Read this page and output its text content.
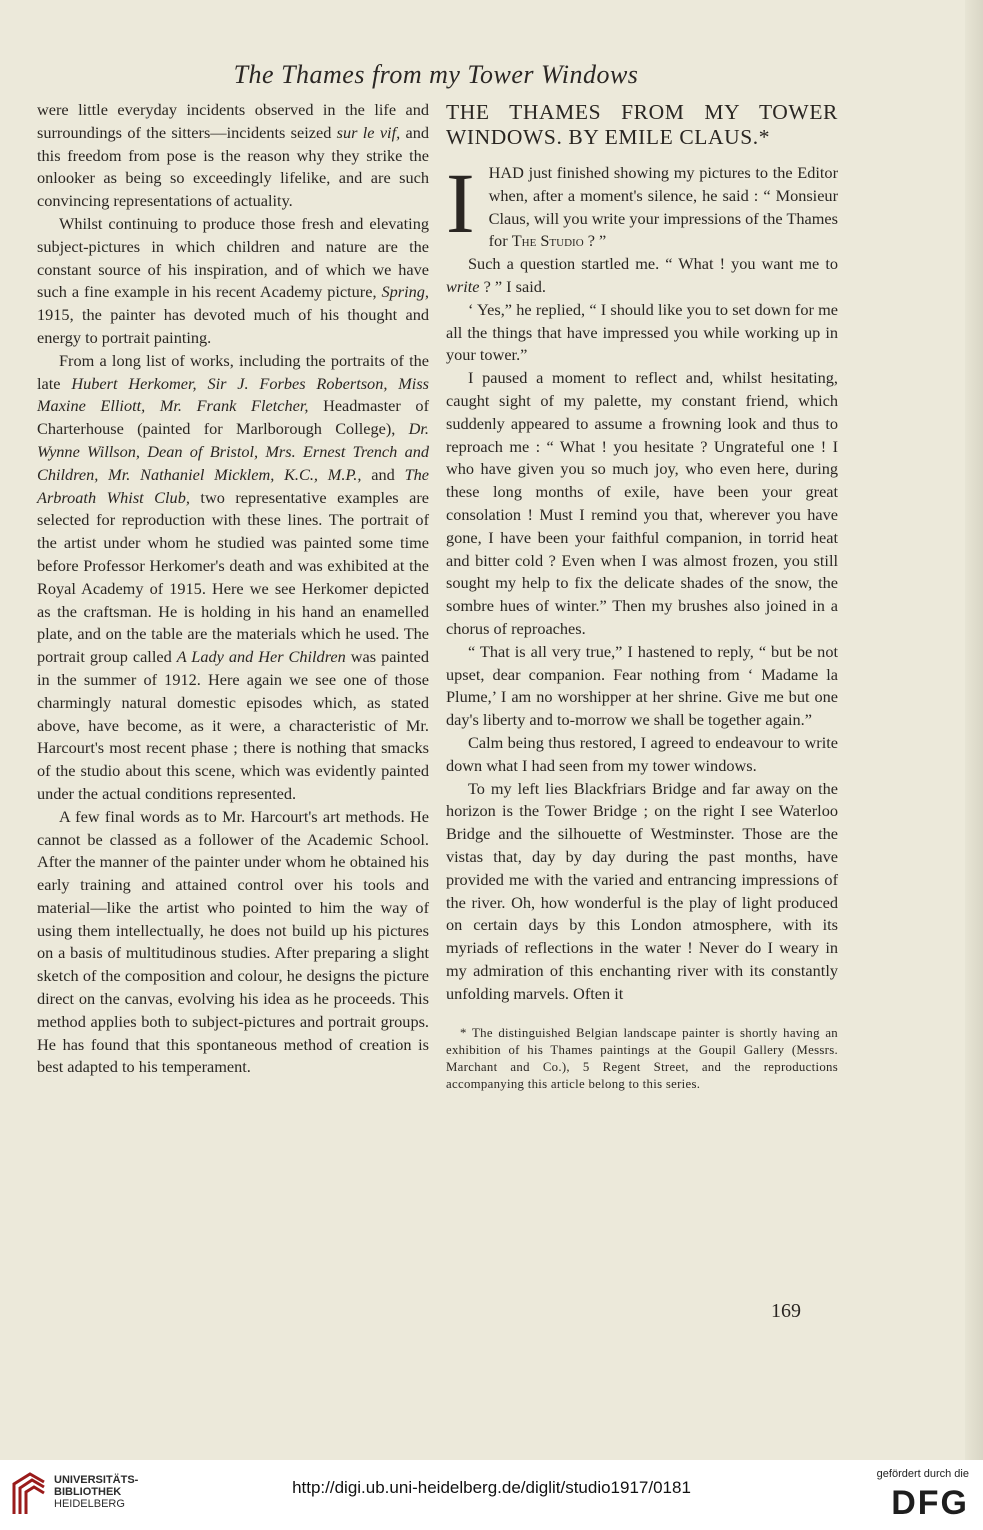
The Thames from my Tower Windows

were little everyday incidents observed in the life and surroundings of the sitters—incidents seized sur le vif, and this freedom from pose is the reason why they strike the onlooker as being so exceedingly lifelike, and are such convincing representations of actuality.

Whilst continuing to produce those fresh and elevating subject-pictures in which children and nature are the constant source of his inspiration, and of which we have such a fine example in his recent Academy picture, Spring, 1915, the painter has devoted much of his thought and energy to portrait painting.

From a long list of works, including the portraits of the late Hubert Herkomer, Sir J. Forbes Robertson, Miss Maxine Elliott, Mr. Frank Fletcher, Headmaster of Charterhouse (painted for Marlborough College), Dr. Wynne Willson, Dean of Bristol, Mrs. Ernest Trench and Children, Mr. Nathaniel Micklem, K.C., M.P., and The Arbroath Whist Club, two representative examples are selected for reproduction with these lines. The portrait of the artist under whom he studied was painted some time before Professor Herkomer's death and was exhibited at the Royal Academy of 1915. Here we see Herkomer depicted as the craftsman. He is holding in his hand an enamelled plate, and on the table are the materials which he used. The portrait group called A Lady and Her Children was painted in the summer of 1912. Here again we see one of those charmingly natural domestic episodes which, as stated above, have become, as it were, a characteristic of Mr. Harcourt's most recent phase ; there is nothing that smacks of the studio about this scene, which was evidently painted under the actual conditions represented.

A few final words as to Mr. Harcourt's art methods. He cannot be classed as a follower of the Academic School. After the manner of the painter under whom he obtained his early training and attained control over his tools and material—like the artist who pointed to him the way of using them intellectually, he does not build up his pictures on a basis of multitudinous studies. After preparing a slight sketch of the composition and colour, he designs the picture direct on the canvas, evolving his idea as he proceeds. This method applies both to subject-pictures and portrait groups. He has found that this spontaneous method of creation is best adapted to his temperament.

THE THAMES FROM MY TOWER
WINDOWS. BY EMILE CLAUS.*

IHAD just finished showing my pictures to the Editor when, after a moment's silence, he said : “ Monsieur Claus, will you write your impressions of the Thames for The Studio ? ”

Such a question startled me. “ What ! you want me to write ? ” I said.

‘ Yes,” he replied, “ I should like you to set down for me all the things that have impressed you while working up in your tower.”

I paused a moment to reflect and, whilst hesitating, caught sight of my palette, my constant friend, which suddenly appeared to assume a frowning look and thus to reproach me : “ What ! you hesitate ? Ungrateful one ! I who have given you so much joy, who even here, during these long months of exile, have been your great consolation ! Must I remind you that, wherever you have gone, I have been your faithful companion, in torrid heat and bitter cold ? Even when I was almost frozen, you still sought my help to fix the delicate shades of the snow, the sombre hues of winter.” Then my brushes also joined in a chorus of reproaches.

“ That is all very true,” I hastened to reply, “ but be not upset, dear companion. Fear nothing from ‘ Madame la Plume,’ I am no worshipper at her shrine. Give me but one day's liberty and to-morrow we shall be together again.”

Calm being thus restored, I agreed to endeavour to write down what I had seen from my tower windows.

To my left lies Blackfriars Bridge and far away on the horizon is the Tower Bridge ; on the right I see Waterloo Bridge and the silhouette of Westminster. Those are the vistas that, day by day during the past months, have provided me with the varied and entrancing impressions of the river. Oh, how wonderful is the play of light produced on certain days by this London atmosphere, with its myriads of reflections in the water ! Never do I weary in my admiration of this enchanting river with its constantly unfolding marvels. Often it

* The distinguished Belgian landscape painter is shortly having an exhibition of his Thames paintings at the Goupil Gallery (Messrs. Marchant and Co.), 5 Regent Street, and the reproductions accompanying this article belong to this series.
169
UNIVERSITÄTS-
BIBLIOTHEK
HEIDELBERG
http://digi.ub.uni-heidelberg.de/diglit/studio1917/0181
gefördert durch die
DFG
